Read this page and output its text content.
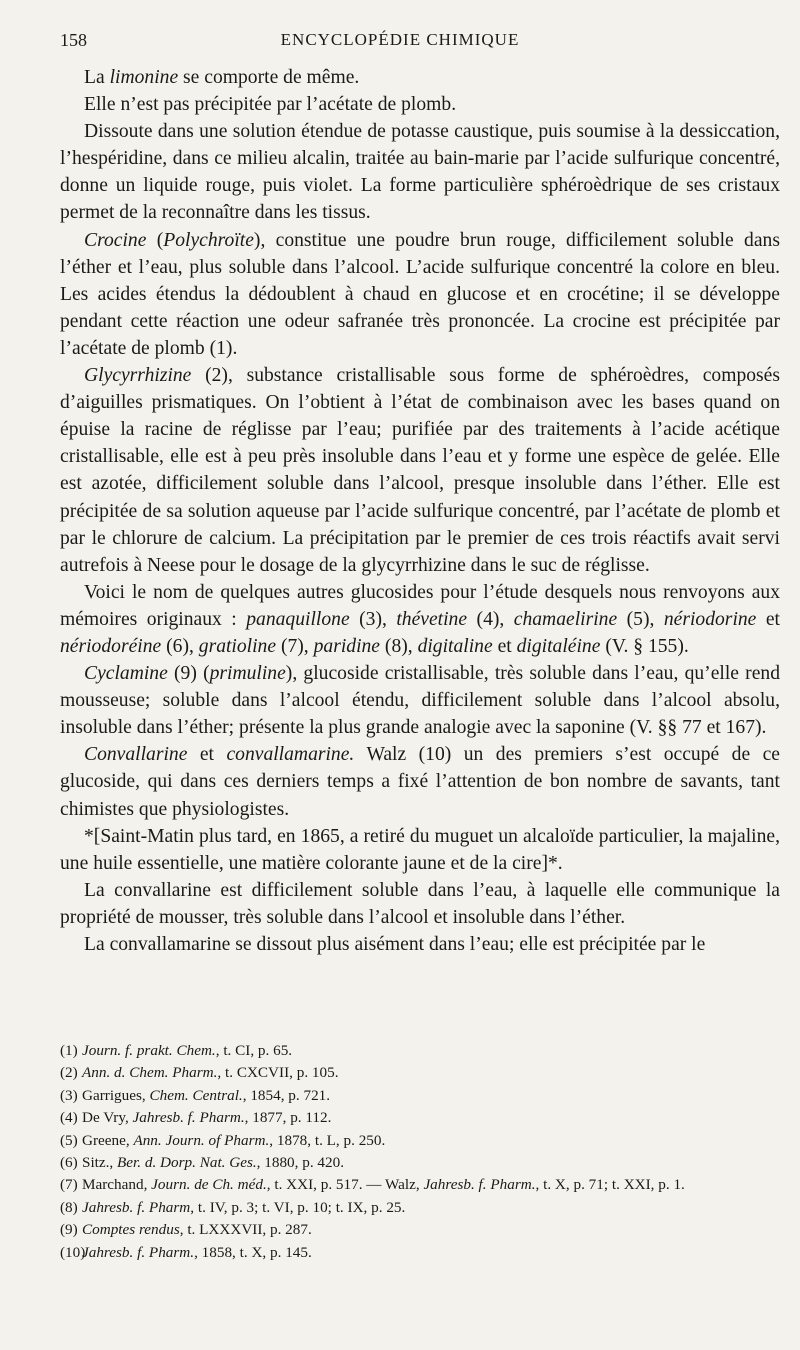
158	ENCYCLOPÉDIE CHIMIQUE

La limonine se comporte de même.

Elle n’est pas précipitée par l’acétate de plomb.

Dissoute dans une solution étendue de potasse caustique, puis soumise à la dessiccation, l’hespéridine, dans ce milieu alcalin, traitée au bain-marie par l’acide sulfurique concentré, donne un liquide rouge, puis violet. La forme particulière sphéroèdrique de ses cristaux permet de la reconnaître dans les tissus.

Crocine (Polychroïte), constitue une poudre brun rouge, difficilement soluble dans l’éther et l’eau, plus soluble dans l’alcool. L’acide sulfurique concentré la colore en bleu. Les acides étendus la dédoublent à chaud en glucose et en crocétine; il se développe pendant cette réaction une odeur safranée très prononcée. La crocine est précipitée par l’acétate de plomb (1).

Glycyrrhizine (2), substance cristallisable sous forme de sphéroèdres, composés d’aiguilles prismatiques. On l’obtient à l’état de combinaison avec les bases quand on épuise la racine de réglisse par l’eau; purifiée par des traitements à l’acide acétique cristallisable, elle est à peu près insoluble dans l’eau et y forme une espèce de gelée. Elle est azotée, difficilement soluble dans l’alcool, presque insoluble dans l’éther. Elle est précipitée de sa solution aqueuse par l’acide sulfurique concentré, par l’acétate de plomb et par le chlorure de calcium. La précipitation par le premier de ces trois réactifs avait servi autrefois à Neese pour le dosage de la glycyrrhizine dans le suc de réglisse.

Voici le nom de quelques autres glucosides pour l’étude desquels nous renvoyons aux mémoires originaux : panaquillone (3), thévetine (4), chamaelirine (5), nériodorine et nériodoréine (6), gratioline (7), paridine (8), digitaline et digitaléine (V. § 155).

Cyclamine (9) (primuline), glucoside cristallisable, très soluble dans l’eau, qu’elle rend mousseuse; soluble dans l’alcool étendu, difficilement soluble dans l’alcool absolu, insoluble dans l’éther; présente la plus grande analogie avec la saponine (V. §§ 77 et 167).

Convallarine et convallamarine. Walz (10) un des premiers s’est occupé de ce glucoside, qui dans ces derniers temps a fixé l’attention de bon nombre de savants, tant chimistes que physiologistes.

*[Saint-Matin plus tard, en 1865, a retiré du muguet un alcaloïde particulier, la majaline, une huile essentielle, une matière colorante jaune et de la cire]*.

La convallarine est difficilement soluble dans l’eau, à laquelle elle communique la propriété de mousser, très soluble dans l’alcool et insoluble dans l’éther.

La convallamarine se dissout plus aisément dans l’eau; elle est précipitée par le

(1)Journ. f. prakt. Chem., t. CI, p. 65.

(2)Ann. d. Chem. Pharm., t. CXCVII, p. 105.

(3)Garrigues, Chem. Central., 1854, p. 721.

(4)De Vry, Jahresb. f. Pharm., 1877, p. 112.

(5)Greene, Ann. Journ. of Pharm., 1878, t. L, p. 250.

(6)Sitz., Ber. d. Dorp. Nat. Ges., 1880, p. 420.

(7)Marchand, Journ. de Ch. méd., t. XXI, p. 517. — Walz, Jahresb. f. Pharm., t. X, p. 71; t. XXI, p. 1.

(8)Jahresb. f. Pharm, t. IV, p. 3; t. VI, p. 10; t. IX, p. 25.

(9)Comptes rendus, t. LXXXVII, p. 287.

(10)Jahresb. f. Pharm., 1858, t. X, p. 145.
